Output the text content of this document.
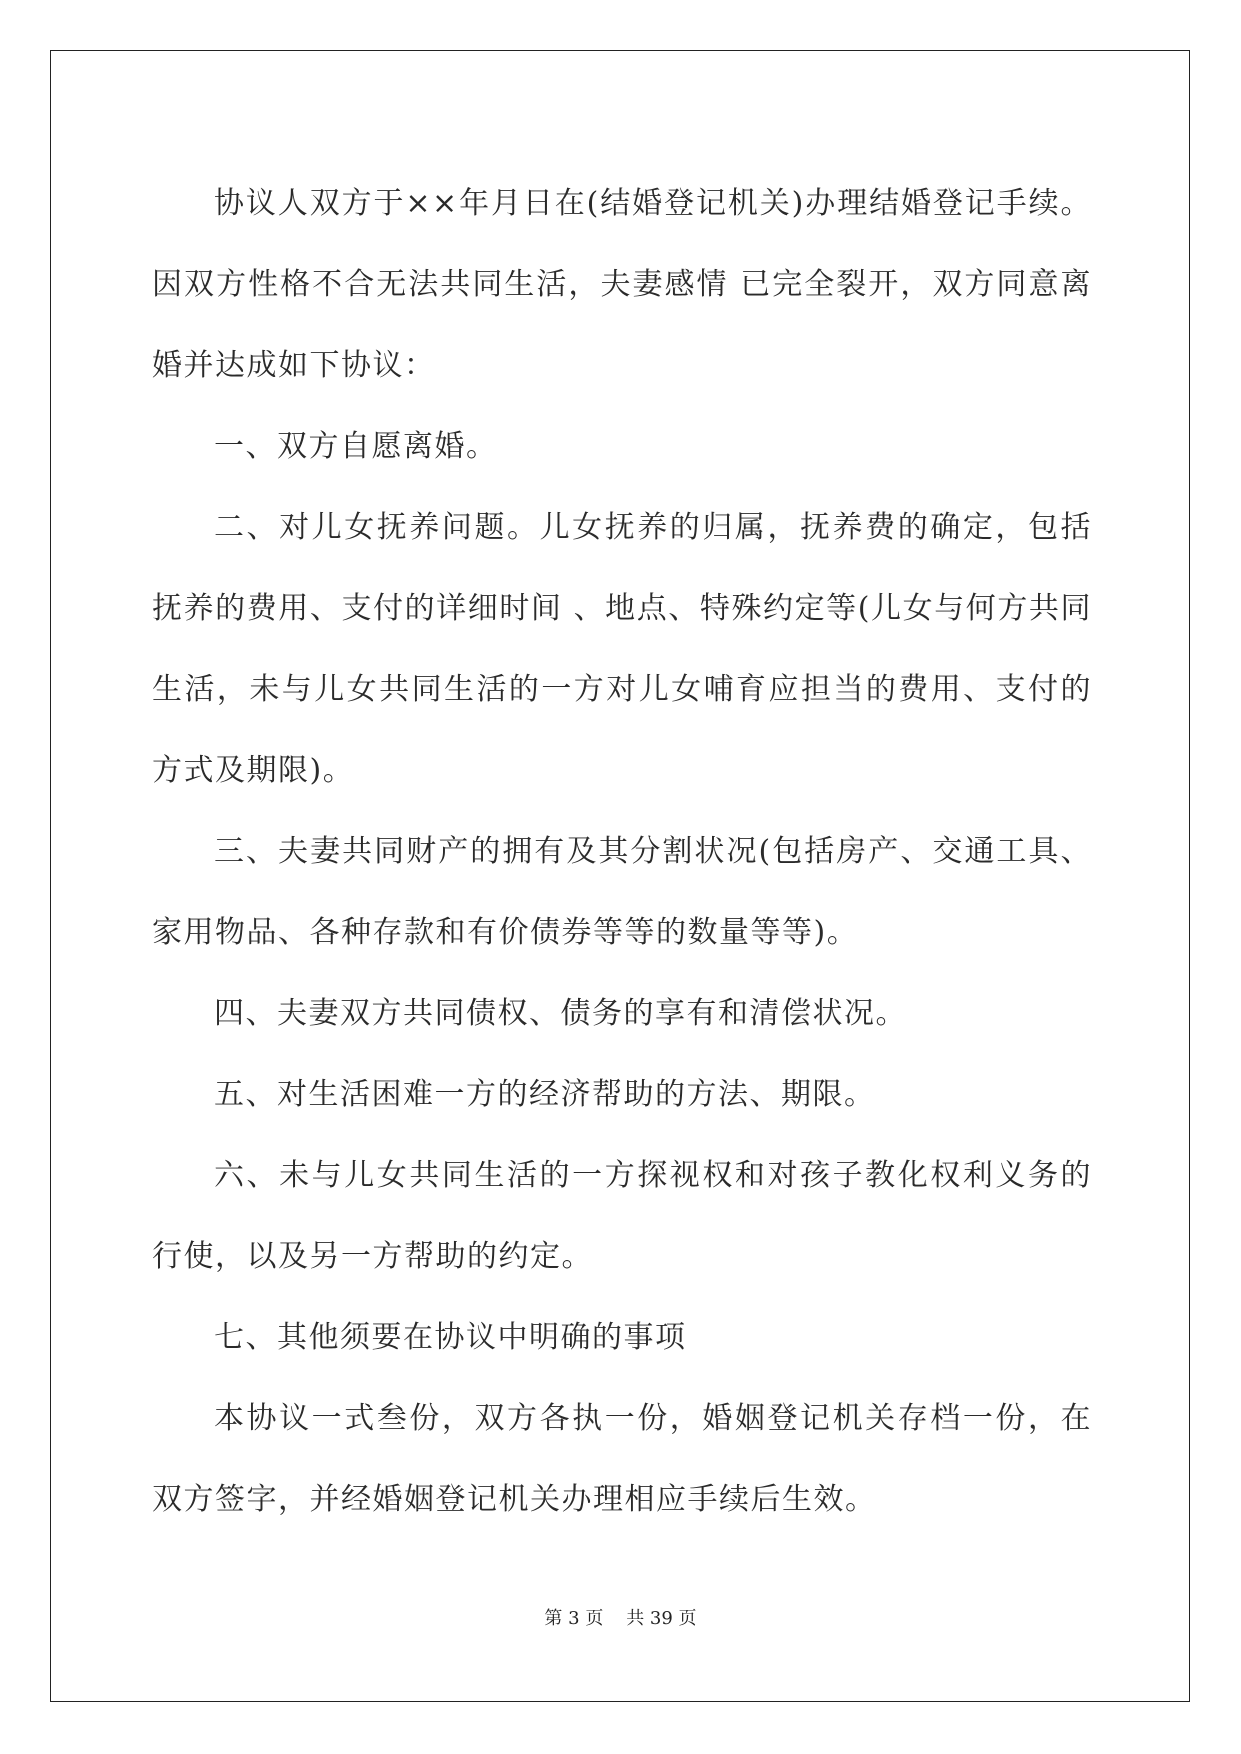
协议人双方于××年月日在(结婚登记机关)办理结婚登记手续。因双方性格不合无法共同生活，夫妻感情 已完全裂开，双方同意离婚并达成如下协议：

一、双方自愿离婚。

二、对儿女抚养问题。儿女抚养的归属，抚养费的确定，包括抚养的费用、支付的详细时间 、地点、特殊约定等(儿女与何方共同生活，未与儿女共同生活的一方对儿女哺育应担当的费用、支付的方式及期限)。

三、夫妻共同财产的拥有及其分割状况(包括房产、交通工具、家用物品、各种存款和有价债券等等的数量等等)。

四、夫妻双方共同债权、债务的享有和清偿状况。

五、对生活困难一方的经济帮助的方法、期限。

六、未与儿女共同生活的一方探视权和对孩子教化权利义务的行使，以及另一方帮助的约定。

七、其他须要在协议中明确的事项

本协议一式叁份，双方各执一份，婚姻登记机关存档一份，在双方签字，并经婚姻登记机关办理相应手续后生效。

第 3 页    共 39 页
